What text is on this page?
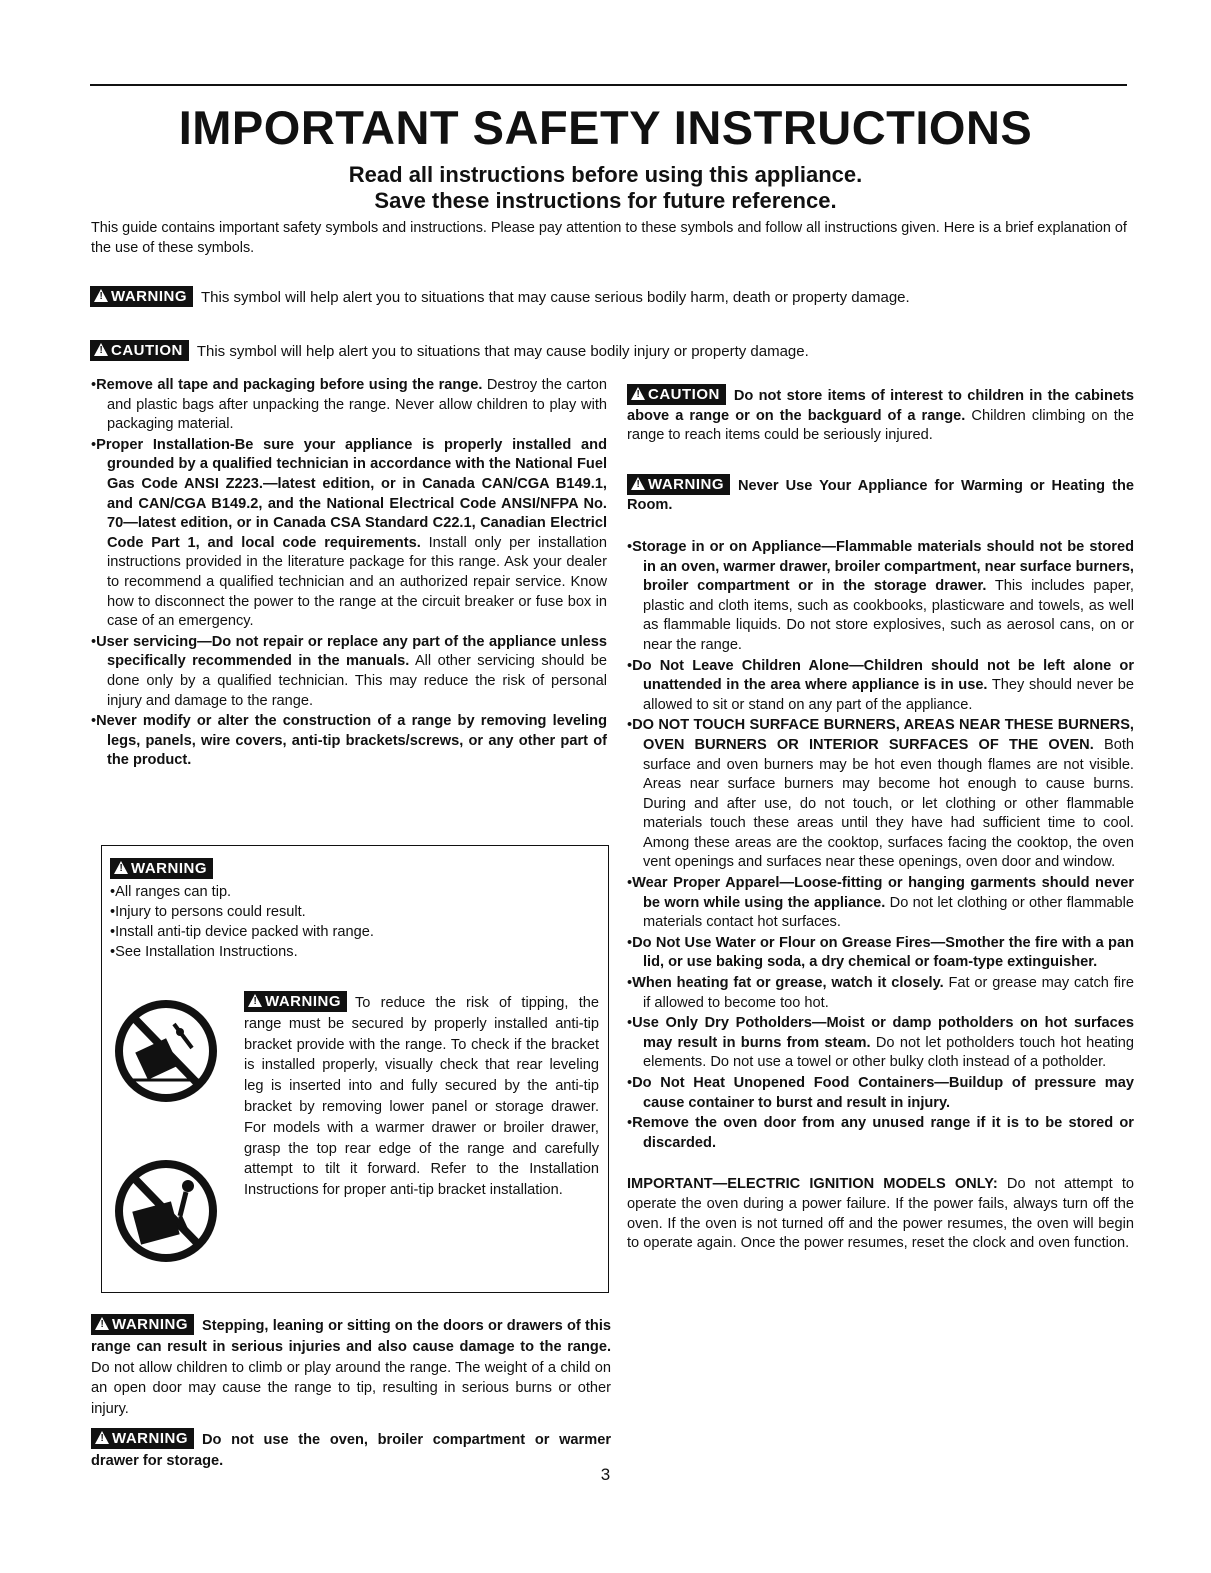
IMPORTANT SAFETY INSTRUCTIONS
Read all instructions before using this appliance.
Save these instructions for future reference.
This guide contains important safety symbols and instructions. Please pay attention to these symbols and follow all instructions given. Here is a brief explanation of the use of these symbols.
! WARNING This symbol will help alert you to situations that may cause serious bodily harm, death or property damage.
! CAUTION This symbol will help alert you to situations that may cause bodily injury or property damage.

•Remove all tape and packaging before using the range. Destroy the carton and plastic bags after unpacking the range. Never allow children to play with packaging material.

•Proper Installation-Be sure your appliance is properly installed and grounded by a qualified technician in accordance with the National Fuel Gas Code ANSI Z223.—latest edition, or in Canada CAN/CGA B149.1, and CAN/CGA B149.2, and the National Electrical Code ANSI/NFPA No. 70—latest edition, or in Canada CSA Standard C22.1, Canadian Electricl Code Part 1, and local code requirements. Install only per installation instructions provided in the literature package for this range. Ask your dealer to recommend a qualified technician and an authorized repair service. Know how to disconnect the power to the range at the circuit breaker or fuse box in case of an emergency.

•User servicing—Do not repair or replace any part of the appliance unless specifically recommended in the manuals. All other servicing should be done only by a qualified technician. This may reduce the risk of personal injury and damage to the range.

•Never modify or alter the construction of a range by removing leveling legs, panels, wire covers, anti-tip brackets/screws, or any other part of the product.

! WARNING
•All ranges can tip.
•Injury to persons could result.
•Install anti-tip device packed with range.
•See Installation Instructions.
! WARNING To reduce the risk of tipping, the range must be secured by properly installed anti-tip bracket provide with the range. To check if the bracket is installed properly, visually check that rear leveling leg is inserted into and fully secured by the anti-tip bracket by removing lower panel or storage drawer. For models with a warmer drawer or broiler drawer, grasp the top rear edge of the range and carefully attempt to tilt it forward. Refer to the Installation Instructions for proper anti-tip bracket installation.

! WARNING Stepping, leaning or sitting on the doors or drawers of this range can result in serious injuries and also cause damage to the range. Do not allow children to climb or play around the range. The weight of a child on an open door may cause the range to tip, resulting in serious burns or other injury.

! WARNING Do not use the oven, broiler compartment or warmer drawer for storage.

! CAUTION Do not store items of interest to children in the cabinets above a range or on the backguard of a range. Children climbing on the range to reach items could be seriously injured.

! WARNING Never Use Your Appliance for Warming or Heating the Room.

•Storage in or on Appliance—Flammable materials should not be stored in an oven, warmer drawer, broiler compartment, near surface burners, broiler compartment or in the storage drawer. This includes paper, plastic and cloth items, such as cookbooks, plasticware and towels, as well as flammable liquids. Do not store explosives, such as aerosol cans, on or near the range.

•Do Not Leave Children Alone—Children should not be left alone or unattended in the area where appliance is in use. They should never be allowed to sit or stand on any part of the appliance.

•DO NOT TOUCH SURFACE BURNERS, AREAS NEAR THESE BURNERS, OVEN BURNERS OR INTERIOR SURFACES OF THE OVEN. Both surface and oven burners may be hot even though flames are not visible. Areas near surface burners may become hot enough to cause burns. During and after use, do not touch, or let clothing or other flammable materials touch these areas until they have had sufficient time to cool. Among these areas are the cooktop, surfaces facing the cooktop, the oven vent openings and surfaces near these openings, oven door and window.

•Wear Proper Apparel—Loose-fitting or hanging garments should never be worn while using the appliance. Do not let clothing or other flammable materials contact hot surfaces.

•Do Not Use Water or Flour on Grease Fires—Smother the fire with a pan lid, or use baking soda, a dry chemical or foam-type extinguisher.

•When heating fat or grease, watch it closely. Fat or grease may catch fire if allowed to become too hot.

•Use Only Dry Potholders—Moist or damp potholders on hot surfaces may result in burns from steam. Do not let potholders touch hot heating elements. Do not use a towel or other bulky cloth instead of a potholder.

•Do Not Heat Unopened Food Containers—Buildup of pressure may cause container to burst and result in injury.

•Remove the oven door from any unused range if it is to be stored or discarded.

IMPORTANT—ELECTRIC IGNITION MODELS ONLY: Do not attempt to operate the oven during a power failure. If the power fails, always turn off the oven. If the oven is not turned off and the power resumes, the oven will begin to operate again. Once the power resumes, reset the clock and oven function.

3
